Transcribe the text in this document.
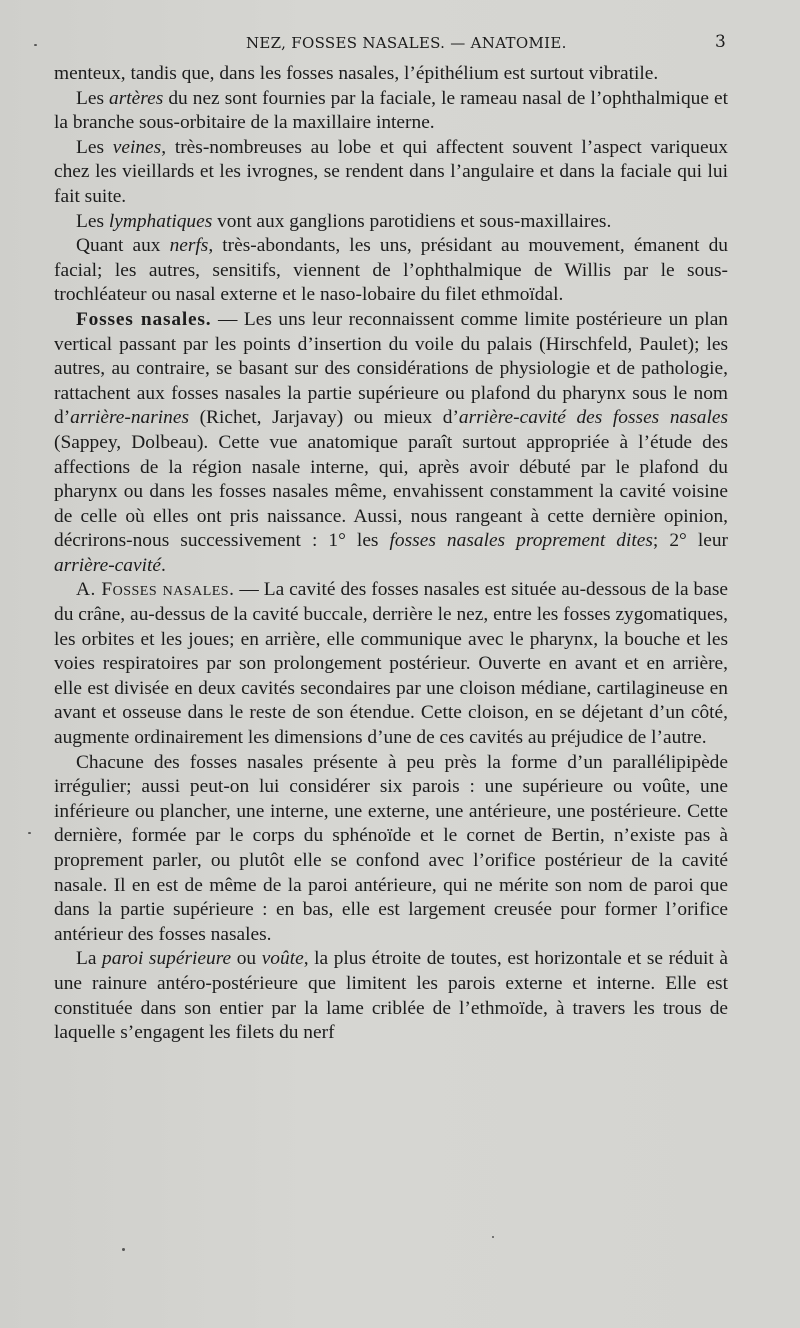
NEZ, FOSSES NASALES. — ANATOMIE.	3

menteux, tandis que, dans les fosses nasales, l’épithélium est surtout vibratile.

Les artères du nez sont fournies par la faciale, le rameau nasal de l’ophthalmique et la branche sous-orbitaire de la maxillaire interne.

Les veines, très-nombreuses au lobe et qui affectent souvent l’aspect variqueux chez les vieillards et les ivrognes, se rendent dans l’angulaire et dans la faciale qui lui fait suite.

Les lymphatiques vont aux ganglions parotidiens et sous-maxillaires.

Quant aux nerfs, très-abondants, les uns, présidant au mouvement, émanent du facial; les autres, sensitifs, viennent de l’ophthalmique de Willis par le sous-trochléateur ou nasal externe et le naso-lobaire du filet ethmoïdal.

Fosses nasales. — Les uns leur reconnaissent comme limite postérieure un plan vertical passant par les points d’insertion du voile du palais (Hirschfeld, Paulet); les autres, au contraire, se basant sur des considérations de physiologie et de pathologie, rattachent aux fosses nasales la partie supérieure ou plafond du pharynx sous le nom d’arrière-narines (Richet, Jarjavay) ou mieux d’arrière-cavité des fosses nasales (Sappey, Dolbeau). Cette vue anatomique paraît surtout appropriée à l’étude des affections de la région nasale interne, qui, après avoir débuté par le plafond du pharynx ou dans les fosses nasales même, envahissent constamment la cavité voisine de celle où elles ont pris naissance. Aussi, nous rangeant à cette dernière opinion, décrirons-nous successivement : 1° les fosses nasales proprement dites; 2° leur arrière-cavité.

A. Fosses nasales. — La cavité des fosses nasales est située au-dessous de la base du crâne, au-dessus de la cavité buccale, derrière le nez, entre les fosses zygomatiques, les orbites et les joues; en arrière, elle communique avec le pharynx, la bouche et les voies respiratoires par son prolongement postérieur. Ouverte en avant et en arrière, elle est divisée en deux cavités secondaires par une cloison médiane, cartilagineuse en avant et osseuse dans le reste de son étendue. Cette cloison, en se déjetant d’un côté, augmente ordinairement les dimensions d’une de ces cavités au préjudice de l’autre.

Chacune des fosses nasales présente à peu près la forme d’un parallélipipède irrégulier; aussi peut-on lui considérer six parois : une supérieure ou voûte, une inférieure ou plancher, une interne, une externe, une antérieure, une postérieure. Cette dernière, formée par le corps du sphénoïde et le cornet de Bertin, n’existe pas à proprement parler, ou plutôt elle se confond avec l’orifice postérieur de la cavité nasale. Il en est de même de la paroi antérieure, qui ne mérite son nom de paroi que dans la partie supérieure : en bas, elle est largement creusée pour former l’orifice antérieur des fosses nasales.

La paroi supérieure ou voûte, la plus étroite de toutes, est horizontale et se réduit à une rainure antéro-postérieure que limitent les parois externe et interne. Elle est constituée dans son entier par la lame criblée de l’ethmoïde, à travers les trous de laquelle s’engagent les filets du nerf
